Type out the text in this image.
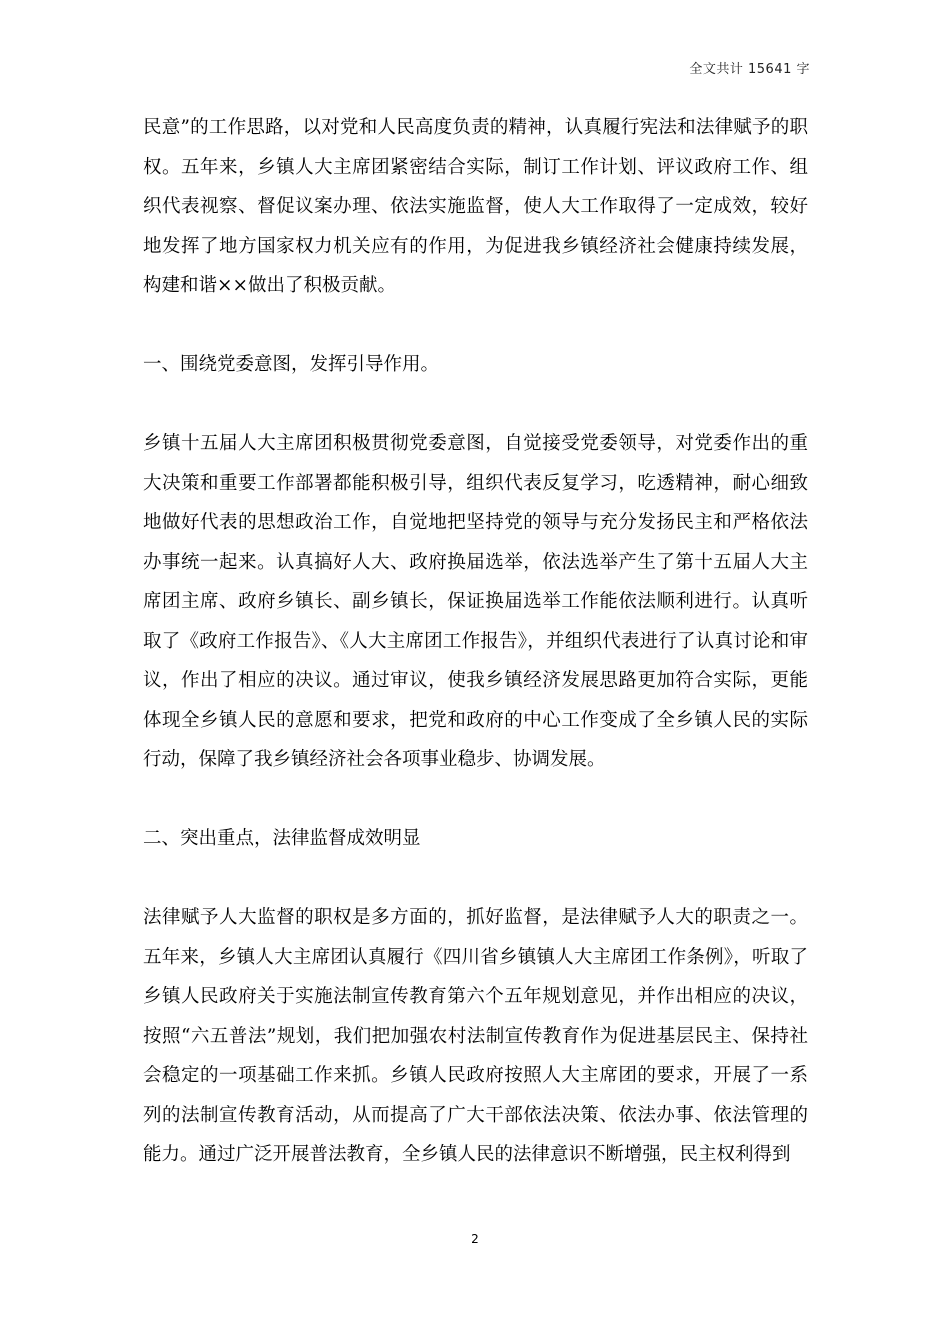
全文共计 15641 字

民意”的工作思路，以对党和人民高度负责的精神，认真履行宪法和法律赋予的职权。五年来，乡镇人大主席团紧密结合实际，制订工作计划、评议政府工作、组织代表视察、督促议案办理、依法实施监督，使人大工作取得了一定成效，较好地发挥了地方国家权力机关应有的作用，为促进我乡镇经济社会健康持续发展，构建和谐××做出了积极贡献。

一、围绕党委意图，发挥引导作用。

乡镇十五届人大主席团积极贯彻党委意图，自觉接受党委领导，对党委作出的重大决策和重要工作部署都能积极引导，组织代表反复学习，吃透精神，耐心细致地做好代表的思想政治工作，自觉地把坚持党的领导与充分发扬民主和严格依法办事统一起来。认真搞好人大、政府换届选举，依法选举产生了第十五届人大主席团主席、政府乡镇长、副乡镇长，保证换届选举工作能依法顺利进行。认真听取了《政府工作报告》、《人大主席团工作报告》，并组织代表进行了认真讨论和审议，作出了相应的决议。通过审议，使我乡镇经济发展思路更加符合实际，更能体现全乡镇人民的意愿和要求，把党和政府的中心工作变成了全乡镇人民的实际行动，保障了我乡镇经济社会各项事业稳步、协调发展。

二、突出重点，法律监督成效明显

法律赋予人大监督的职权是多方面的，抓好监督，是法律赋予人大的职责之一。五年来，乡镇人大主席团认真履行《四川省乡镇镇人大主席团工作条例》，听取了乡镇人民政府关于实施法制宣传教育第六个五年规划意见，并作出相应的决议，按照“六五普法”规划，我们把加强农村法制宣传教育作为促进基层民主、保持社会稳定的一项基础工作来抓。乡镇人民政府按照人大主席团的要求，开展了一系列的法制宣传教育活动，从而提高了广大干部依法决策、依法办事、依法管理的能力。通过广泛开展普法教育，全乡镇人民的法律意识不断增强，民主权利得到

2
